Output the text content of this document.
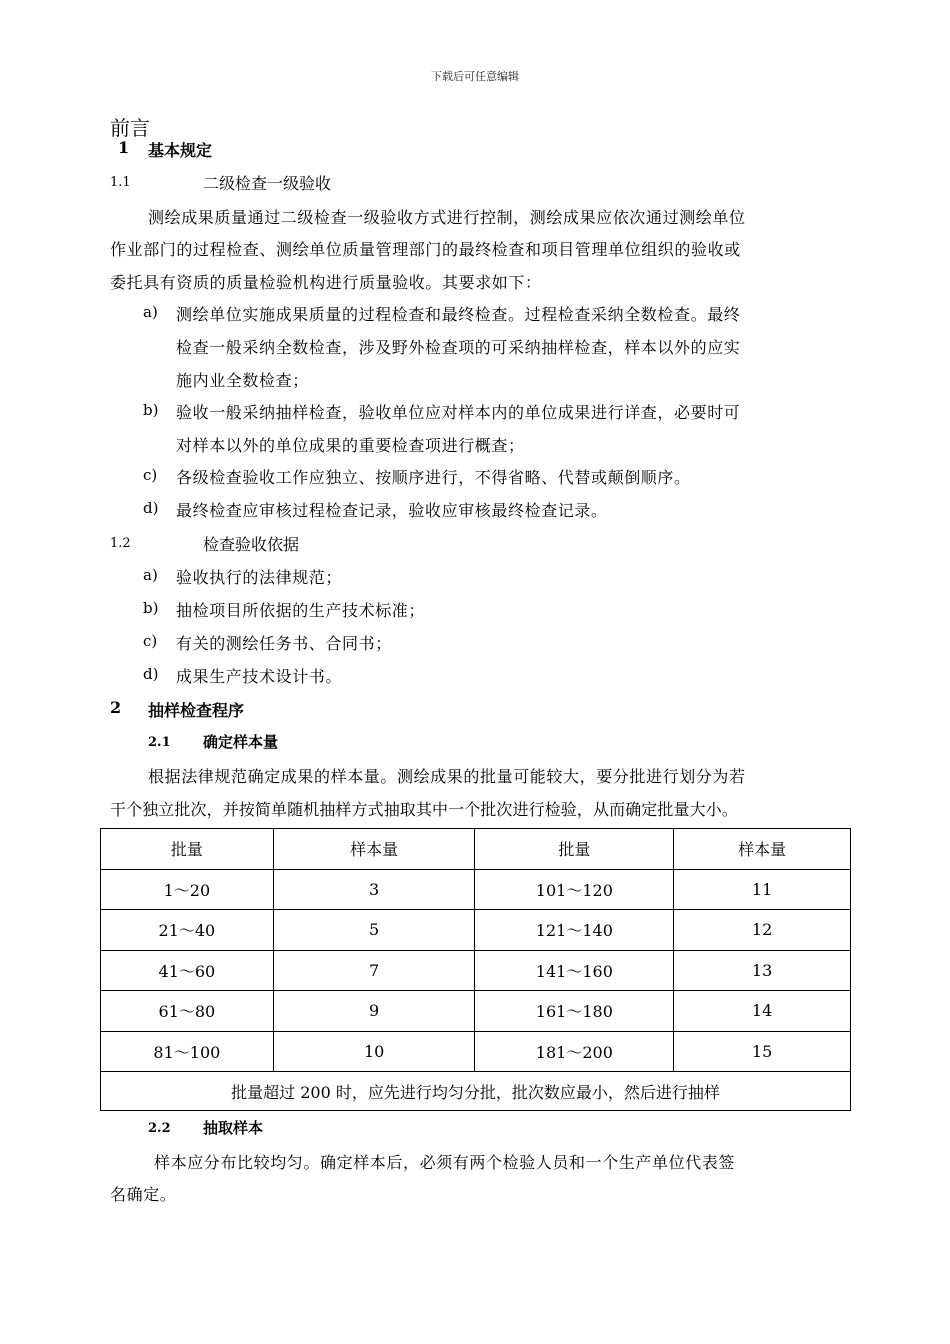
下载后可任意编辑
前言
1 基本规定
1.1	二级检查一级验收
测绘成果质量通过二级检查一级验收方式进行控制，测绘成果应依次通过测绘单位
作业部门的过程检查、测绘单位质量管理部门的最终检查和项目管理单位组织的验收或
委托具有资质的质量检验机构进行质量验收。其要求如下：
a) 测绘单位实施成果质量的过程检查和最终检查。过程检查采纳全数检查。最终
检查一般采纳全数检查，涉及野外检查项的可采纳抽样检查，样本以外的应实
施内业全数检查；
b) 验收一般采纳抽样检查，验收单位应对样本内的单位成果进行详查，必要时可
对样本以外的单位成果的重要检查项进行概查；
c) 各级检查验收工作应独立、按顺序进行，不得省略、代替或颠倒顺序。
d) 最终检查应审核过程检查记录，验收应审核最终检查记录。
1.2	检查验收依据
a) 验收执行的法律规范；
b) 抽检项目所依据的生产技术标准；
c) 有关的测绘任务书、合同书；
d) 成果生产技术设计书。
2 抽样检查程序
2.1 确定样本量
根据法律规范确定成果的样本量。测绘成果的批量可能较大，要分批进行划分为若
干个独立批次，并按简单随机抽样方式抽取其中一个批次进行检验，从而确定批量大小。
批量	样本量	批量	样本量
1～20	3	101～120	11
21～40	5	121～140	12
41～60	7	141～160	13
61～80	9	161～180	14
81～100	10	181～200	15
批量超过 200 时，应先进行均匀分批，批次数应最小，然后进行抽样			
2.2 抽取样本
样本应分布比较均匀。确定样本后，必须有两个检验人员和一个生产单位代表签
名确定。
